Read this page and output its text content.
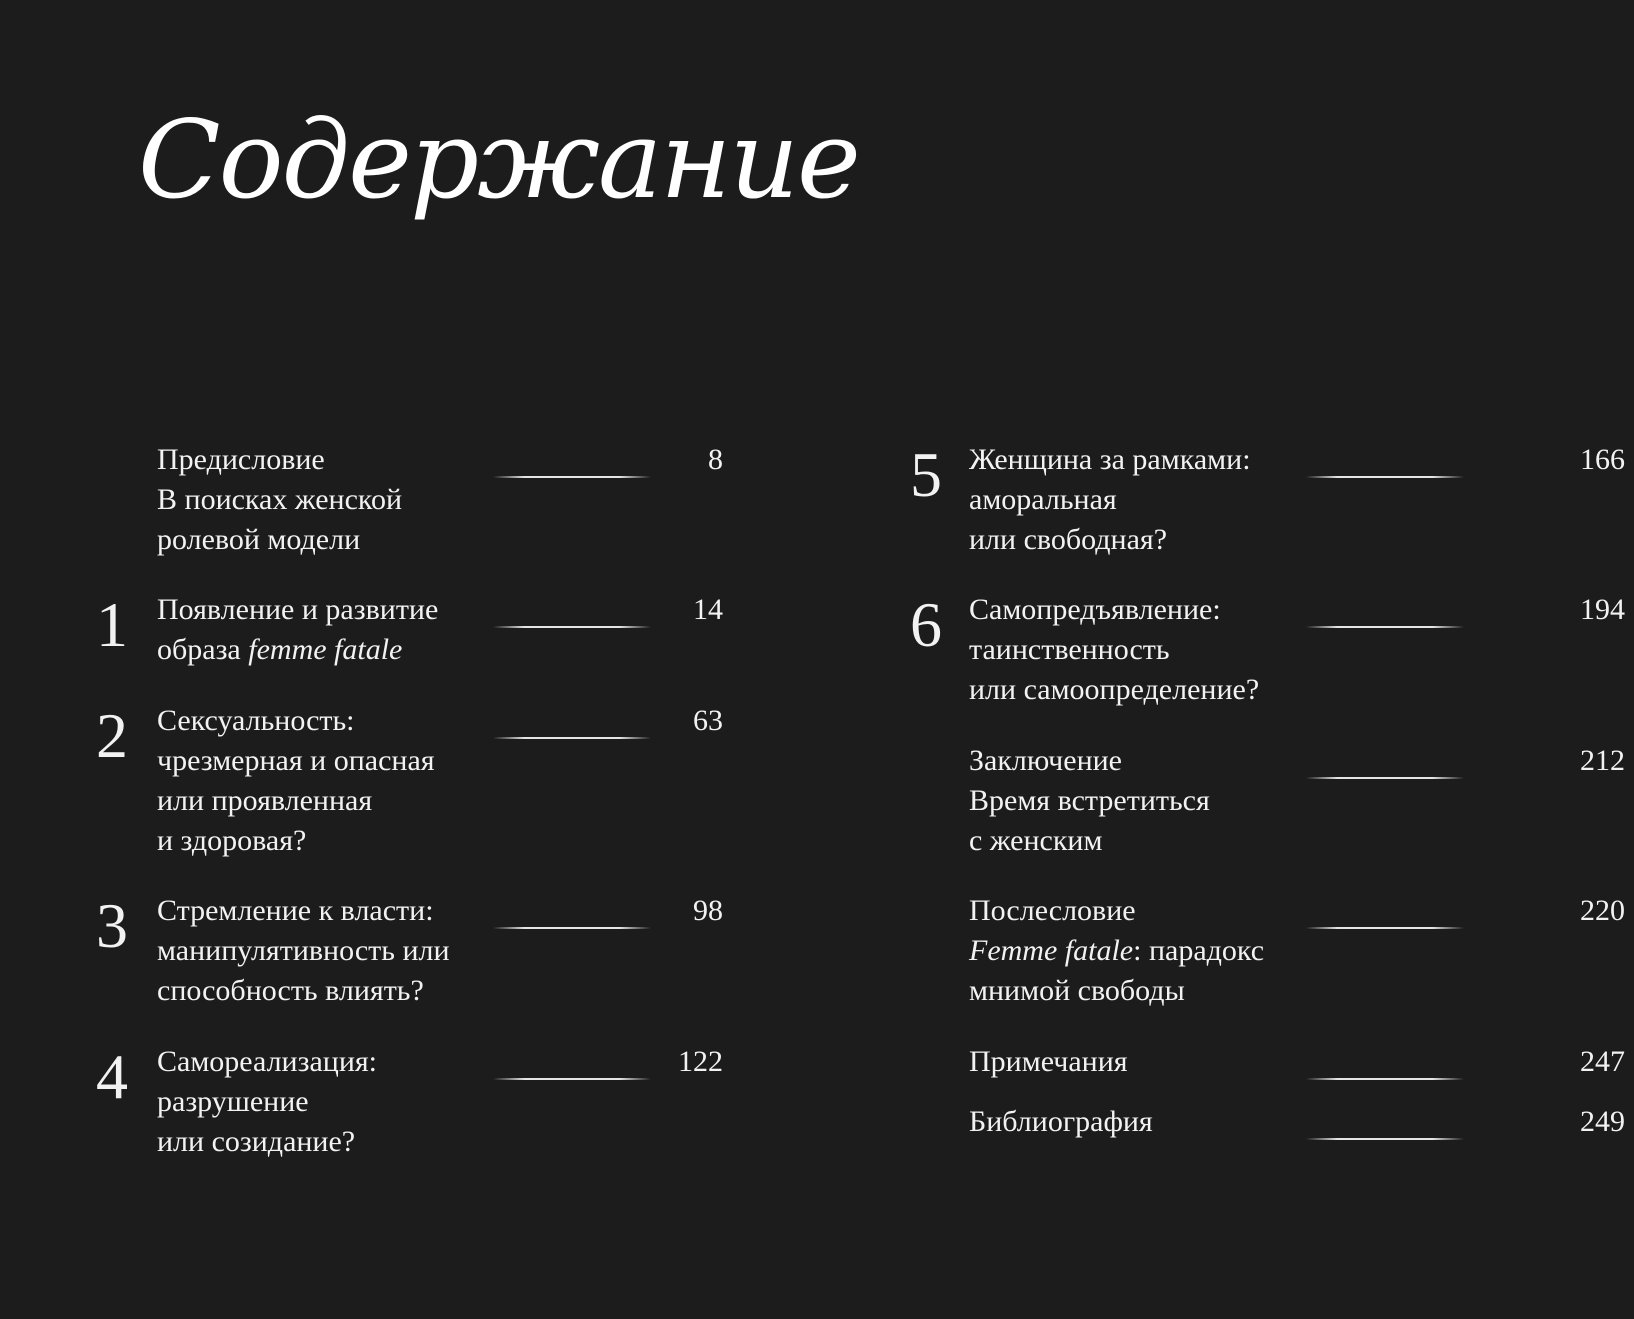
Содержание
Предисловие
В поисках женской
ролевой модели
8
1 Появление и развитие
образа femme fatale
14
2 Сексуальность:
чрезмерная и опасная
или проявленная
и здоровая?
63
3 Стремление к власти:
манипулятивность или
способность влиять?
98
4 Самореализация:
разрушение
или созидание?
122
5 Женщина за рамками:
аморальная
или свободная?
166
6 Самопредъявление:
таинственность
или самоопределение?
194
Заключение
Время встретиться
с женским
212
Послесловие
Femme fatale: парадокс
мнимой свободы
220
Примечания	247
Библиография	249
